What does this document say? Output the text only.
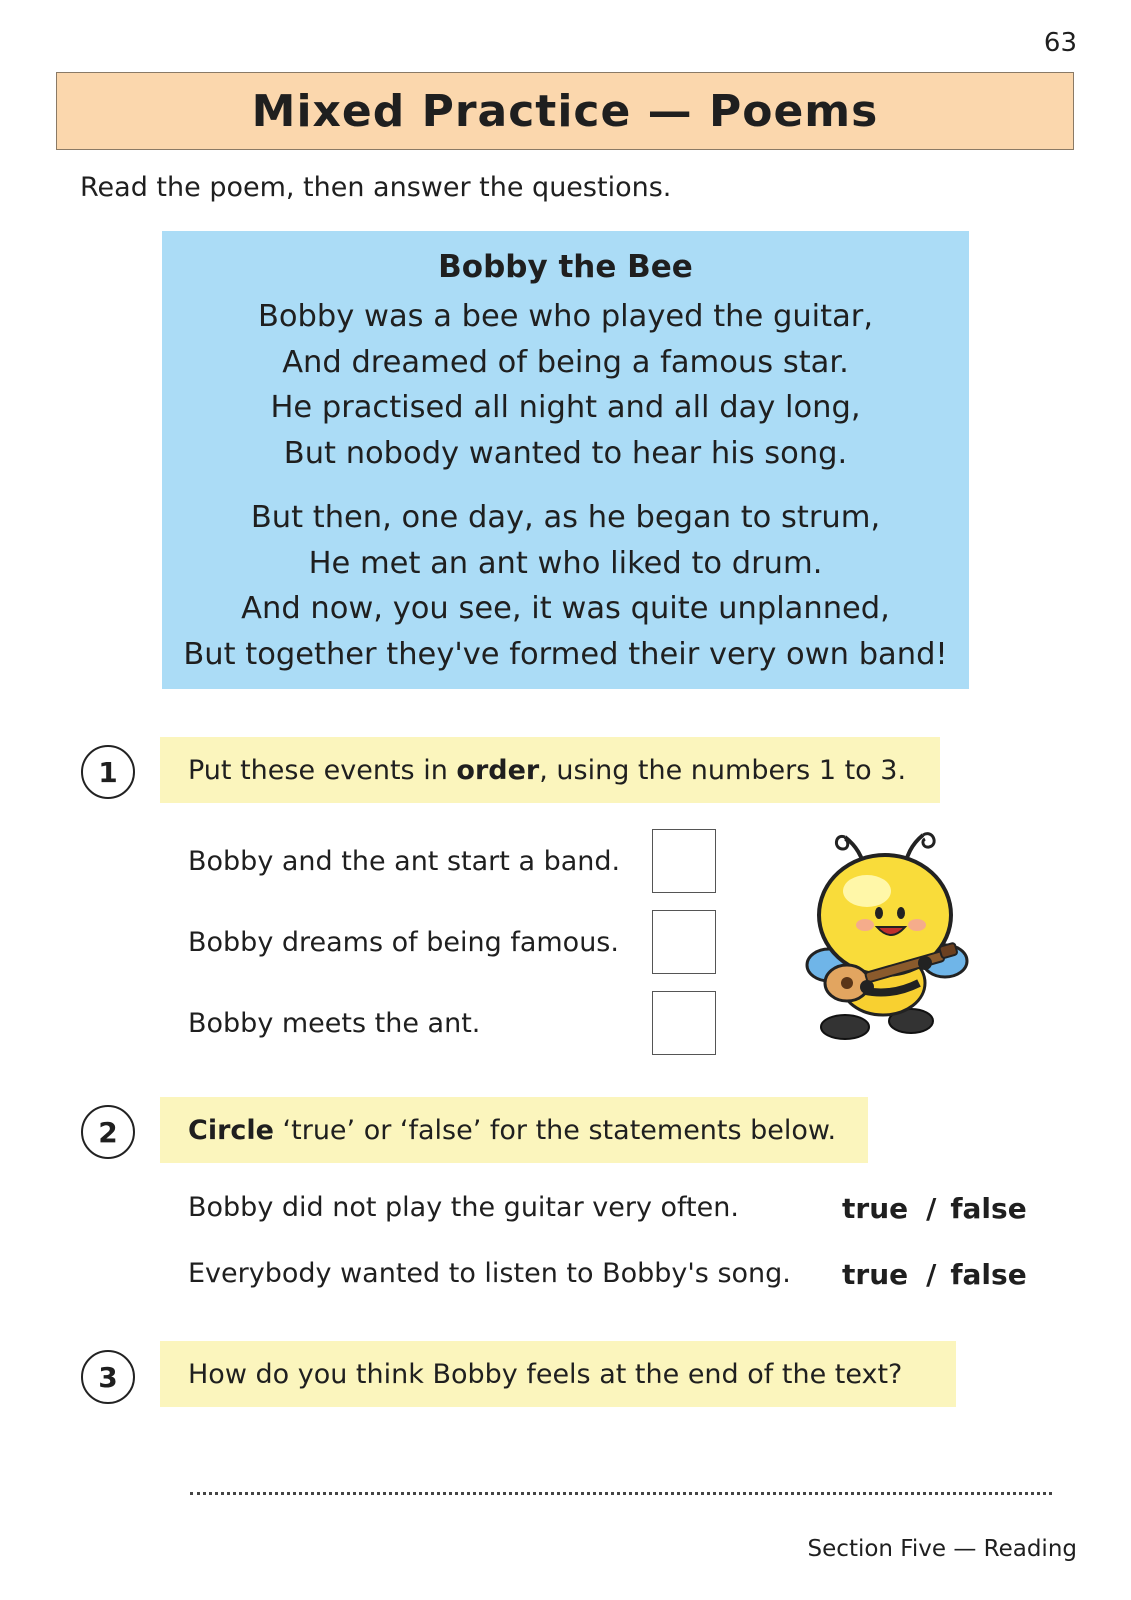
63
Mixed Practice — Poems
Read the poem, then answer the questions.
Bobby the Bee
Bobby was a bee who played the guitar,
And dreamed of being a famous star.
He practised all night and all day long,
But nobody wanted to hear his song.
But then, one day, as he began to strum,
He met an ant who liked to drum.
And now, you see, it was quite unplanned,
But together they've formed their very own band!
1	Put these events in order , using the numbers 1 to 3.
Bobby and the ant start a band.
Bobby dreams of being famous.
Bobby meets the ant.
2	Circle ‘true’ or ‘false’ for the statements below.
Bobby did not play the guitar very often.	true / false
Everybody wanted to listen to Bobby's song. true / false
3	How do you think Bobby feels at the end of the text?
Section Five — Reading
